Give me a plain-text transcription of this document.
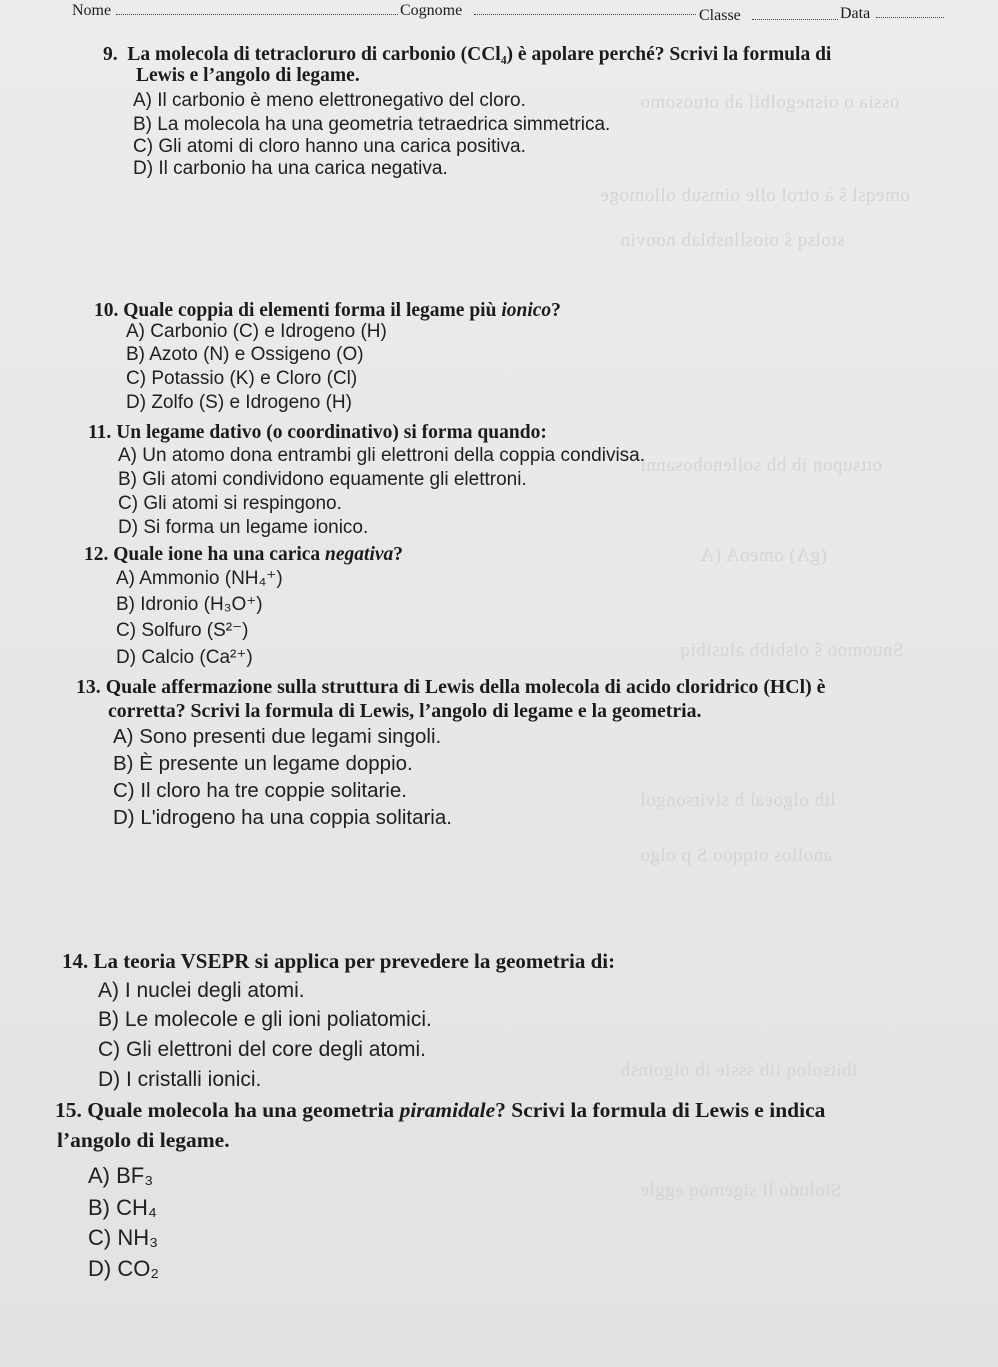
ossia o oisnegolbil ab otuosomo
omeqsl ŝ à otrol olle oimsub ollomoge
stolsq ŝ oiosllnsblab noovin
ottsupon ib bb sollenobosanni
(gA) omeoA (A
Snuomoo ŝ olsbibb alusibiq
lib olgoeal b slvitsongol
anollos otqqoo S p olgo
ibitsoloq iib sssle ib olgoinsb
Sioludo ll sigemoq eggle
Nome	Cognome	Classe	Data
9. La molecola di tetracloruro di carbonio (CCl₄) è apolare perché? Scrivi la formula di
Lewis e l’angolo di legame.
A) Il carbonio è meno elettronegativo del cloro.
B) La molecola ha una geometria tetraedrica simmetrica.
C) Gli atomi di cloro hanno una carica positiva.
D) Il carbonio ha una carica negativa.
10. Quale coppia di elementi forma il legame più ionico?
A) Carbonio (C) e Idrogeno (H)
B) Azoto (N) e Ossigeno (O)
C) Potassio (K) e Cloro (Cl)
D) Zolfo (S) e Idrogeno (H)
11. Un legame dativo (o coordinativo) si forma quando:
A) Un atomo dona entrambi gli elettroni della coppia condivisa.
B) Gli atomi condividono equamente gli elettroni.
C) Gli atomi si respingono.
D) Si forma un legame ionico.
12. Quale ione ha una carica negativa?
A) Ammonio (NH₄⁺)
B) Idronio (H₃O⁺)
C) Solfuro (S²⁻)
D) Calcio (Ca²⁺)
13. Quale affermazione sulla struttura di Lewis della molecola di acido cloridrico (HCl) è
corretta? Scrivi la formula di Lewis, l’angolo di legame e la geometria.
A) Sono presenti due legami singoli.
B) È presente un legame doppio.
C) Il cloro ha tre coppie solitarie.
D) L'idrogeno ha una coppia solitaria.
14. La teoria VSEPR si applica per prevedere la geometria di:
A) I nuclei degli atomi.
B) Le molecole e gli ioni poliatomici.
C) Gli elettroni del core degli atomi.
D) I cristalli ionici.
15. Quale molecola ha una geometria piramidale? Scrivi la formula di Lewis e indica
l’angolo di legame.
A) BF₃
B) CH₄
C) NH₃
D) CO₂
